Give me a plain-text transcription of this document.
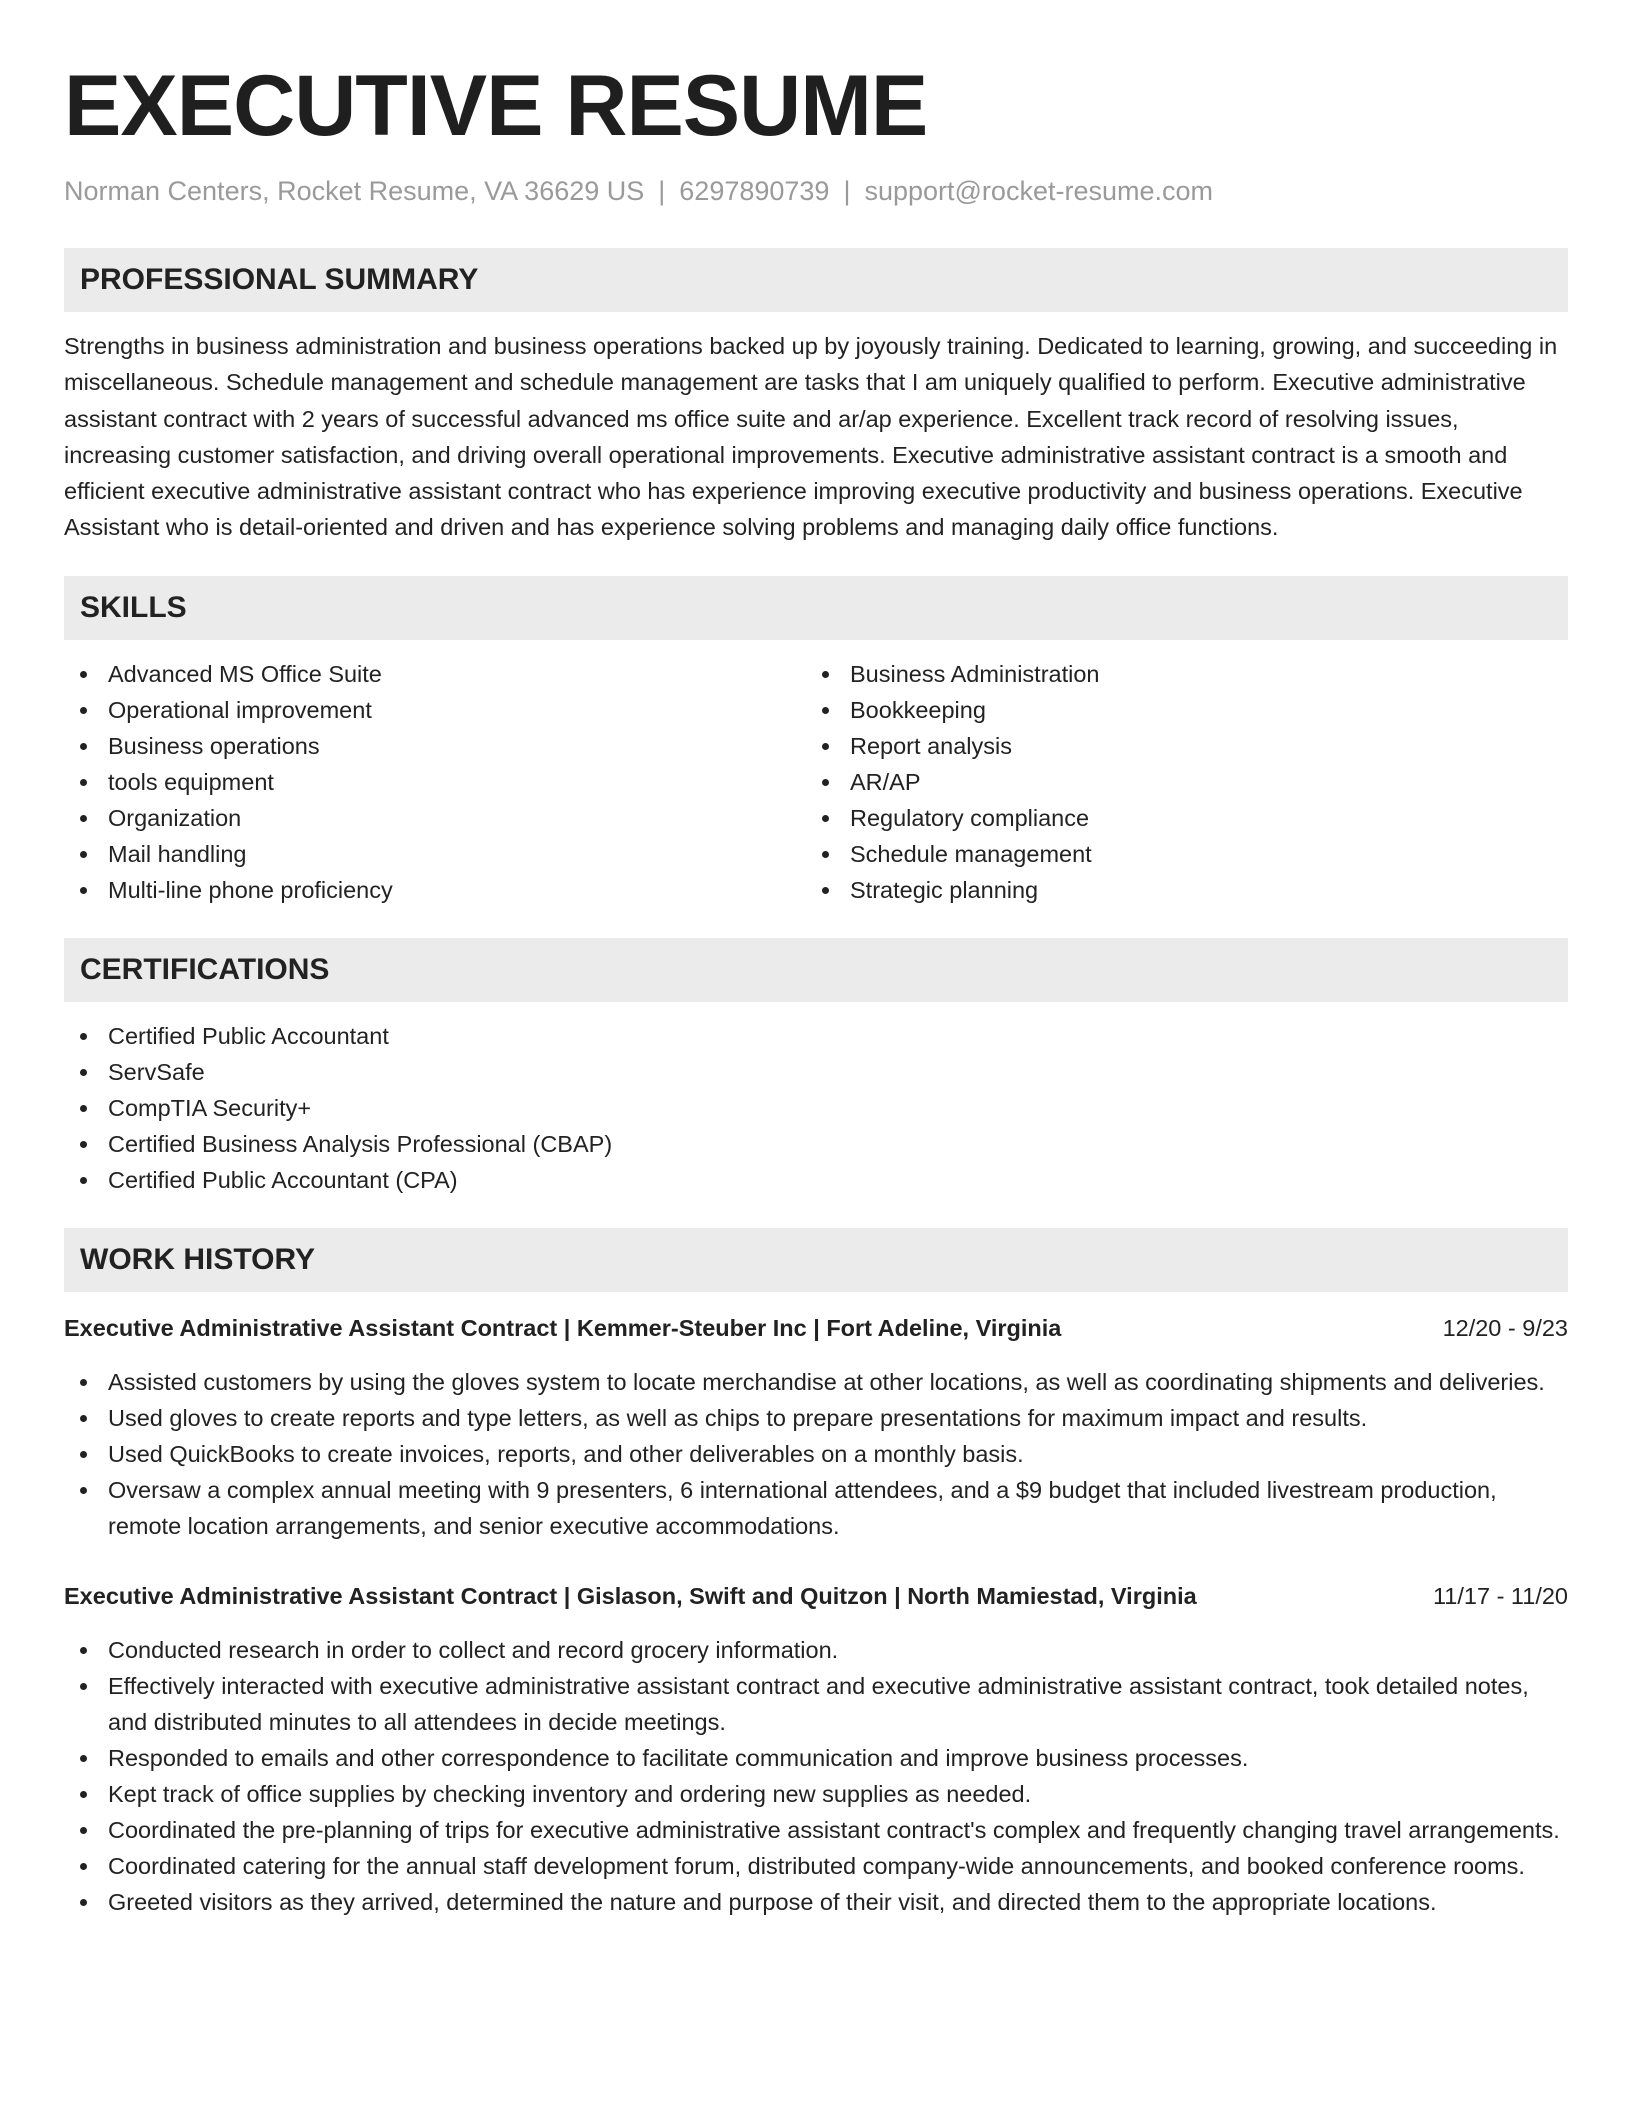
EXECUTIVE RESUME
Norman Centers, Rocket Resume, VA 36629 US | 6297890739 | support@rocket-resume.com
PROFESSIONAL SUMMARY

Strengths in business administration and business operations backed up by joyously training. Dedicated to learning, growing, and succeeding in miscellaneous. Schedule management and schedule management are tasks that I am uniquely qualified to perform. Executive administrative assistant contract with 2 years of successful advanced ms office suite and ar/ap experience. Excellent track record of resolving issues, increasing customer satisfaction, and driving overall operational improvements. Executive administrative assistant contract is a smooth and efficient executive administrative assistant contract who has experience improving executive productivity and business operations. Executive Assistant who is detail-oriented and driven and has experience solving problems and managing daily office functions.

SKILLS
Advanced MS Office Suite
Operational improvement
Business operations
tools equipment
Organization
Mail handling
Multi-line phone proficiency
Business Administration
Bookkeeping
Report analysis
AR/AP
Regulatory compliance
Schedule management
Strategic planning
CERTIFICATIONS
Certified Public Accountant
ServSafe
CompTIA Security+
Certified Business Analysis Professional (CBAP)
Certified Public Accountant (CPA)
WORK HISTORY
Executive Administrative Assistant Contract | Kemmer-Steuber Inc | Fort Adeline, Virginia	12/20 - 9/23
Assisted customers by using the gloves system to locate merchandise at other locations, as well as coordinating shipments and deliveries.
Used gloves to create reports and type letters, as well as chips to prepare presentations for maximum impact and results.
Used QuickBooks to create invoices, reports, and other deliverables on a monthly basis.
Oversaw a complex annual meeting with 9 presenters, 6 international attendees, and a $9 budget that included livestream production, remote location arrangements, and senior executive accommodations.
Executive Administrative Assistant Contract | Gislason, Swift and Quitzon | North Mamiestad, Virginia	11/17 - 11/20
Conducted research in order to collect and record grocery information.
Effectively interacted with executive administrative assistant contract and executive administrative assistant contract, took detailed notes, and distributed minutes to all attendees in decide meetings.
Responded to emails and other correspondence to facilitate communication and improve business processes.
Kept track of office supplies by checking inventory and ordering new supplies as needed.
Coordinated the pre-planning of trips for executive administrative assistant contract's complex and frequently changing travel arrangements.
Coordinated catering for the annual staff development forum, distributed company-wide announcements, and booked conference rooms.
Greeted visitors as they arrived, determined the nature and purpose of their visit, and directed them to the appropriate locations.
